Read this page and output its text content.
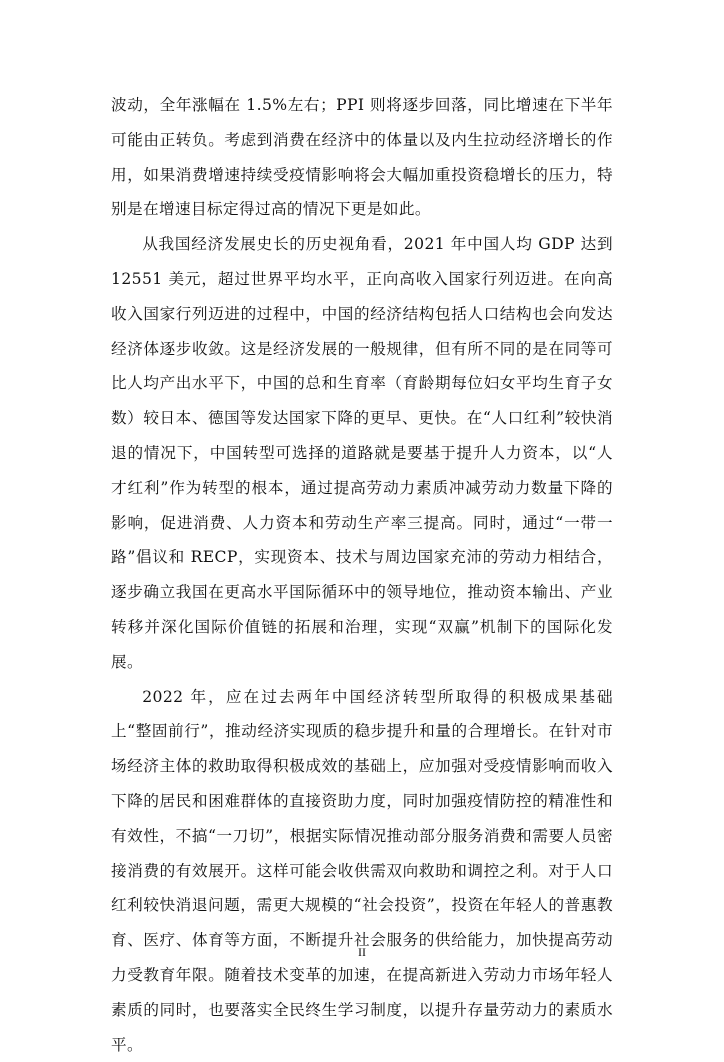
波动，全年涨幅在 1.5%左右；PPI 则将逐步回落，同比增速在下半年可能由正转负。考虑到消费在经济中的体量以及内生拉动经济增长的作用，如果消费增速持续受疫情影响将会大幅加重投资稳增长的压力，特别是在增速目标定得过高的情况下更是如此。

从我国经济发展史长的历史视角看，2021 年中国人均 GDP 达到 12551 美元，超过世界平均水平，正向高收入国家行列迈进。在向高收入国家行列迈进的过程中，中国的经济结构包括人口结构也会向发达经济体逐步收敛。这是经济发展的一般规律，但有所不同的是在同等可比人均产出水平下，中国的总和生育率（育龄期每位妇女平均生育子女数）较日本、德国等发达国家下降的更早、更快。在“人口红利”较快消退的情况下，中国转型可选择的道路就是要基于提升人力资本，以“人才红利”作为转型的根本，通过提高劳动力素质冲减劳动力数量下降的影响，促进消费、人力资本和劳动生产率三提高。同时，通过“一带一路”倡议和 RECP，实现资本、技术与周边国家充沛的劳动力相结合，逐步确立我国在更高水平国际循环中的领导地位，推动资本输出、产业转移并深化国际价值链的拓展和治理，实现“双赢”机制下的国际化发展。

2022 年，应在过去两年中国经济转型所取得的积极成果基础上“整固前行”，推动经济实现质的稳步提升和量的合理增长。在针对市场经济主体的救助取得积极成效的基础上，应加强对受疫情影响而收入下降的居民和困难群体的直接资助力度，同时加强疫情防控的精准性和有效性，不搞“一刀切”，根据实际情况推动部分服务消费和需要人员密接消费的有效展开。这样可能会收供需双向救助和调控之利。对于人口红利较快消退问题，需更大规模的“社会投资”，投资在年轻人的普惠教育、医疗、体育等方面，不断提升社会服务的供给能力，加快提高劳动力受教育年限。随着技术变革的加速，在提高新进入劳动力市场年轻人素质的同时，也要落实全民终生学习制度，以提升存量劳动力的素质水平。

II
